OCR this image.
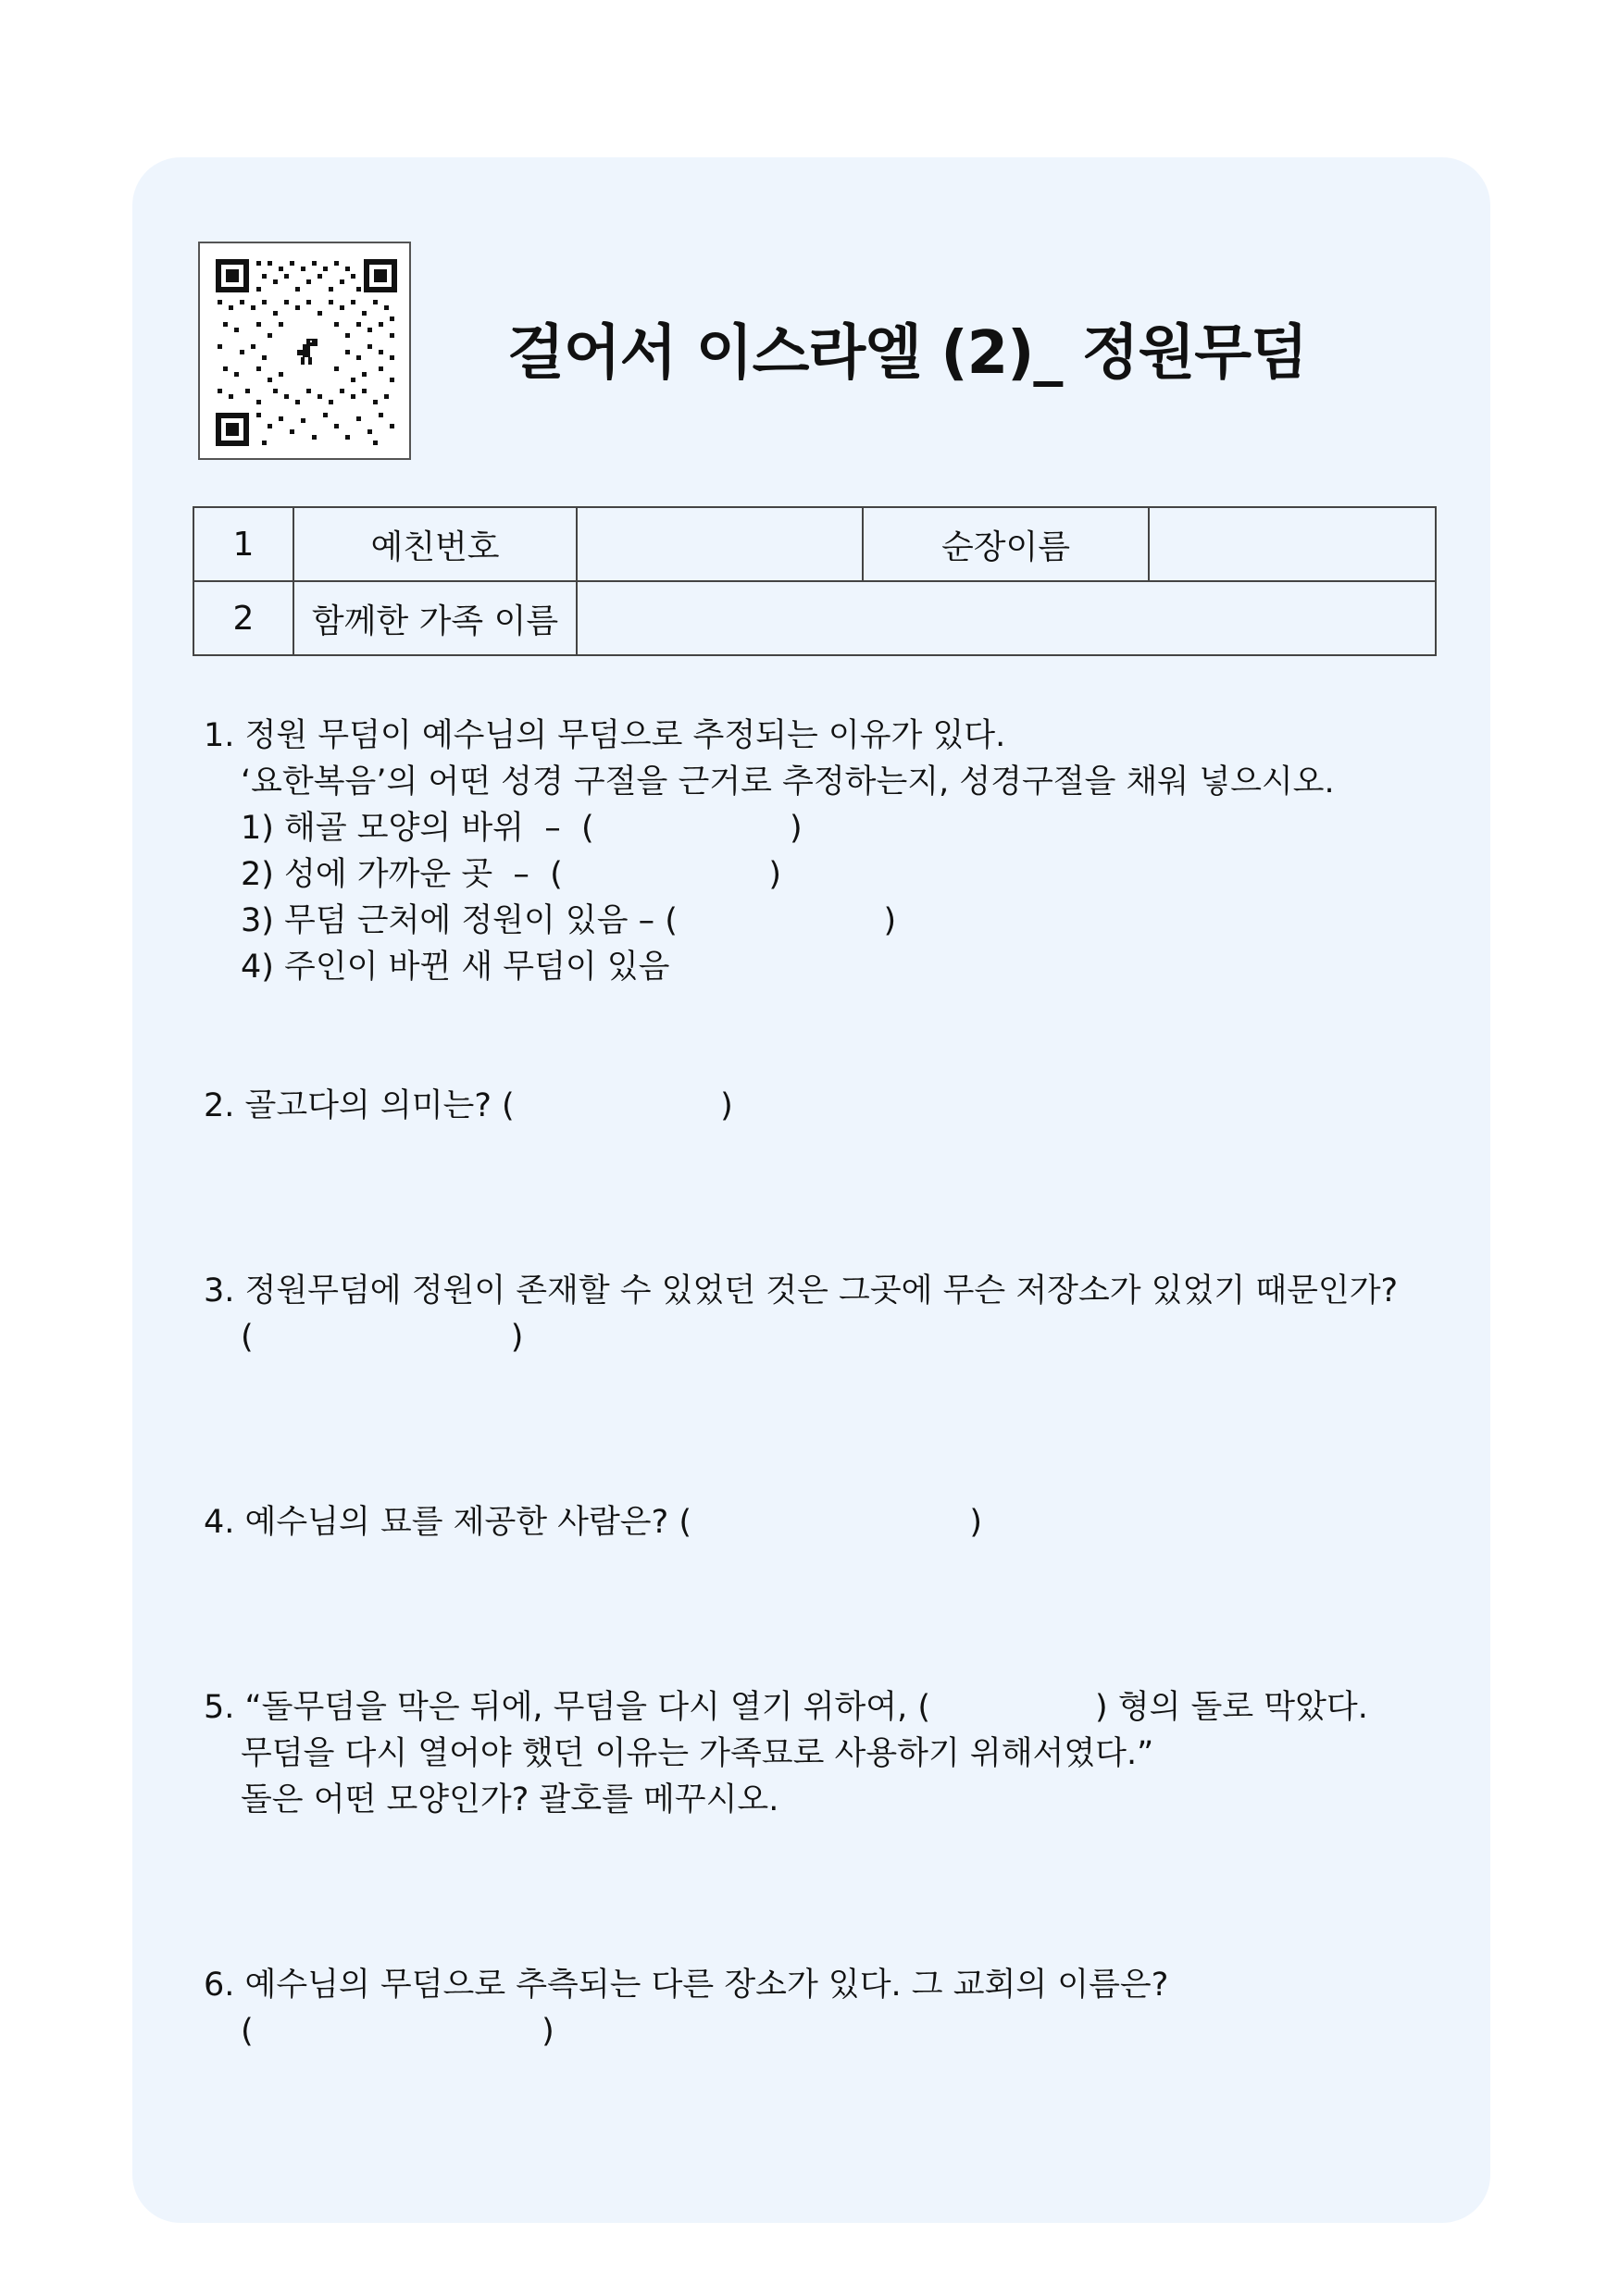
걸어서 이스라엘 (2)_ 정원무덤
1	예친번호		순장이름	
2	함께한 가족 이름			
1. 정원 무덤이 예수님의 무덤으로 추정되는 이유가 있다.
‘요한복음’의 어떤 성경 구절을 근거로 추정하는지, 성경구절을 채워 넣으시오.
1) 해골 모양의 바위  –  (                   )
2) 성에 가까운 곳  –  (                    )
3) 무덤 근처에 정원이 있음 – (                    )
4) 주인이 바뀐 새 무덤이 있음
2. 골고다의 의미는? (                    )
3. 정원무덤에 정원이 존재할 수 있었던 것은 그곳에 무슨 저장소가 있었기 때문인가?
(                         )
4. 예수님의 묘를 제공한 사람은? (                           )
5. “돌무덤을 막은 뒤에, 무덤을 다시 열기 위하여, (                ) 형의 돌로 막았다.
무덤을 다시 열어야 했던 이유는 가족묘로 사용하기 위해서였다.”
돌은 어떤 모양인가? 괄호를 메꾸시오.
6. 예수님의 무덤으로 추측되는 다른 장소가 있다. 그 교회의 이름은?
(                            )
